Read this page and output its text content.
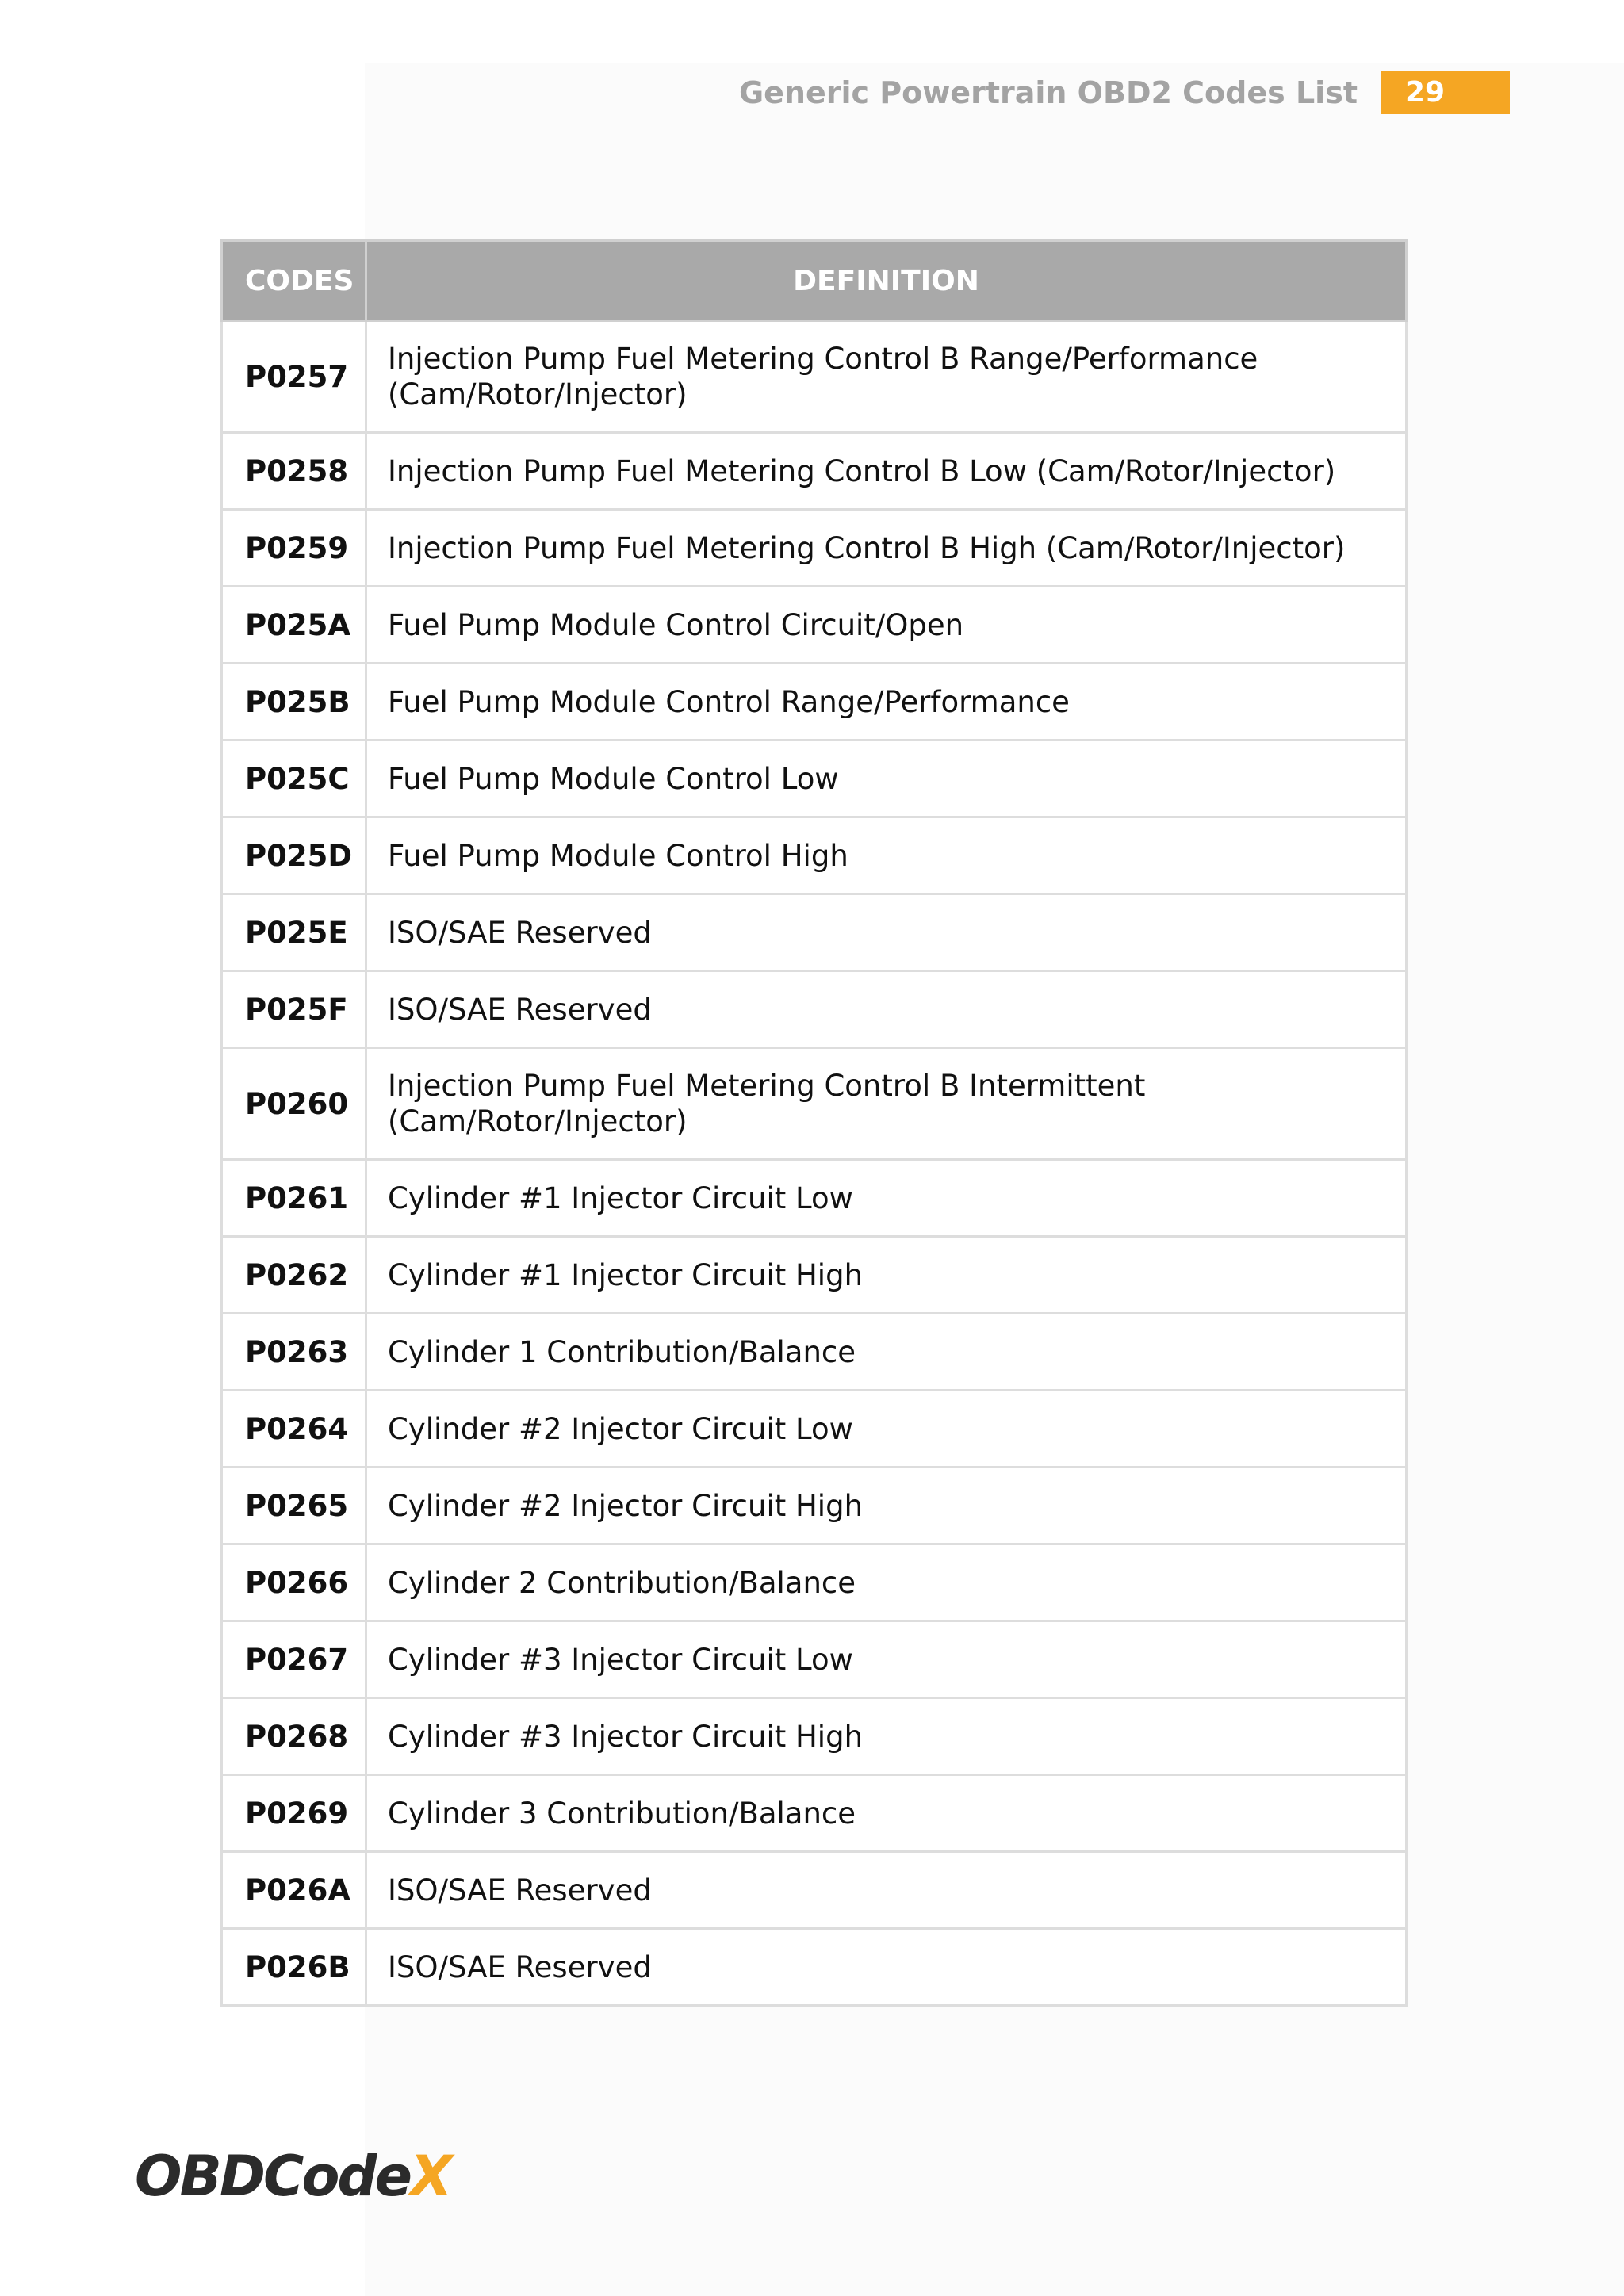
Generic Powertrain OBD2 Codes List	29
CODES	DEFINITION
P0257	Injection Pump Fuel Metering Control B Range/Performance (Cam/Rotor/Injector)
P0258	Injection Pump Fuel Metering Control B Low (Cam/Rotor/Injector)
P0259	Injection Pump Fuel Metering Control B High (Cam/Rotor/Injector)
P025A	Fuel Pump Module Control Circuit/Open
P025B	Fuel Pump Module Control Range/Performance
P025C	Fuel Pump Module Control Low
P025D	Fuel Pump Module Control High
P025E	ISO/SAE Reserved
P025F	ISO/SAE Reserved
P0260	Injection Pump Fuel Metering Control B Intermittent (Cam/Rotor/Injector)
P0261	Cylinder #1 Injector Circuit Low
P0262	Cylinder #1 Injector Circuit High
P0263	Cylinder 1 Contribution/Balance
P0264	Cylinder #2 Injector Circuit Low
P0265	Cylinder #2 Injector Circuit High
P0266	Cylinder 2 Contribution/Balance
P0267	Cylinder #3 Injector Circuit Low
P0268	Cylinder #3 Injector Circuit High
P0269	Cylinder 3 Contribution/Balance
P026A	ISO/SAE Reserved
P026B	ISO/SAE Reserved
OBDCodeX
